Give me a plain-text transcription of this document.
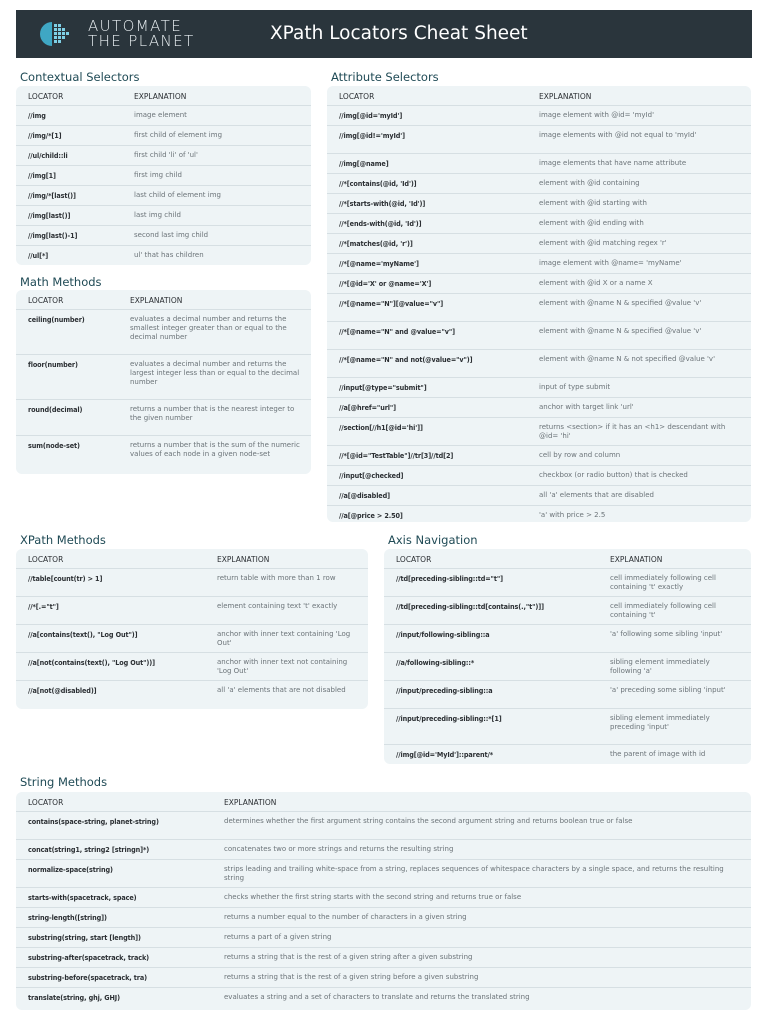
AUTOMATE
THE PLANET	XPath Locators Cheat Sheet
Contextual Selectors
Math Methods
Attribute Selectors
XPath Methods	Axis Navigation
String Methods
LOCATOR	EXPLANATION
//img	image element
//img/*[1]	first child of element img
//ul/child::li	first child 'li' of 'ul'
//img[1]	first img child
//img/*[last()]	last child of element img
//img[last()]	last img child
//img[last()-1]	second last img child
//ul[*]	ul' that has children
LOCATOR	EXPLANATION
ceiling(number)	evaluates a decimal number and returns the smallest integer greater than or equal to the decimal number
floor(number)	evaluates a decimal number and returns the largest integer less than or equal to the decimal number
round(decimal)	returns a number that is the nearest integer to the given number
sum(node-set)	returns a number that is the sum of the numeric values of each node in a given node-set
LOCATOR	EXPLANATION
//img[@id='myId']	image element with @id= 'myId'
//img[@id!='myId']	image elements with @id not equal to 'myId'
//img[@name]	image elements that have name attribute
//*[contains(@id, 'Id')]	element with @id containing
//*[starts-with(@id, 'Id')]	element with @id starting with
//*[ends-with(@id, 'Id')]	element with @id ending with
//*[matches(@id, 'r')]	element with @id matching regex 'r'
//*[@name='myName']	image element with @name= 'myName'
//*[@id='X' or @name='X']	element with @id X or a name X
//*[@name="N"][@value="v"]	element with @name N & specified @value 'v'
//*[@name="N" and @value="v"]	element with @name N & specified @value 'v'
//*[@name="N" and not(@value="v")]	element with @name N & not specified @value 'v'
//input[@type="submit"]	input of type submit
//a[@href="url"]	anchor with target link 'url'
//section[//h1[@id='hi']]	returns <section> if it has an <h1> descendant with @id= 'hi'
//*[@id="TestTable"]//tr[3]//td[2]	cell by row and column
//input[@checked]	checkbox (or radio button) that is checked
//a[@disabled]	all 'a' elements that are disabled
//a[@price > 2.50]	'a' with price > 2.5
LOCATOR	EXPLANATION
//table[count(tr) > 1]	return table with more than 1 row
//*[.="t"]	element containing text 't' exactly
//a[contains(text(), "Log Out")]	anchor with inner text containing 'Log Out'
//a[not(contains(text(), "Log Out"))]	anchor with inner text not containing 'Log Out'
//a[not(@disabled)]	all 'a' elements that are not disabled
LOCATOR	EXPLANATION
//td[preceding-sibling::td="t"]	cell immediately following cell containing 't' exactly
//td[preceding-sibling::td[contains(.,"t")]]	cell immediately following cell containing 't'
//input/following-sibling::a	'a' following some sibling 'input'
//a/following-sibling::*	sibling element immediately following 'a'
//input/preceding-sibling::a	'a' preceding some sibling 'input'
//input/preceding-sibling::*[1]	sibling element immediately preceding 'input'
//img[@id='MyId']::parent/*	the parent of image with id
LOCATOR	EXPLANATION
contains(space-string, planet-string)	determines whether the first argument string contains the second argument string and returns boolean true or false
concat(string1, string2 [stringn]*)	concatenates two or more strings and returns the resulting string
normalize-space(string)	strips leading and trailing white-space from a string, replaces sequences of whitespace characters by a single space, and returns the resulting string
starts-with(spacetrack, space)	checks whether the first string starts with the second string and returns true or false
string-length([string])	returns a number equal to the number of characters in a given string
substring(string, start [length])	returns a part of a given string
substring-after(spacetrack, track)	returns a string that is the rest of a given string after a given substring
substring-before(spacetrack, tra)	returns a string that is the rest of a given string before a given substring
translate(string, ghj, GHJ)	evaluates a string and a set of characters to translate and returns the translated string
